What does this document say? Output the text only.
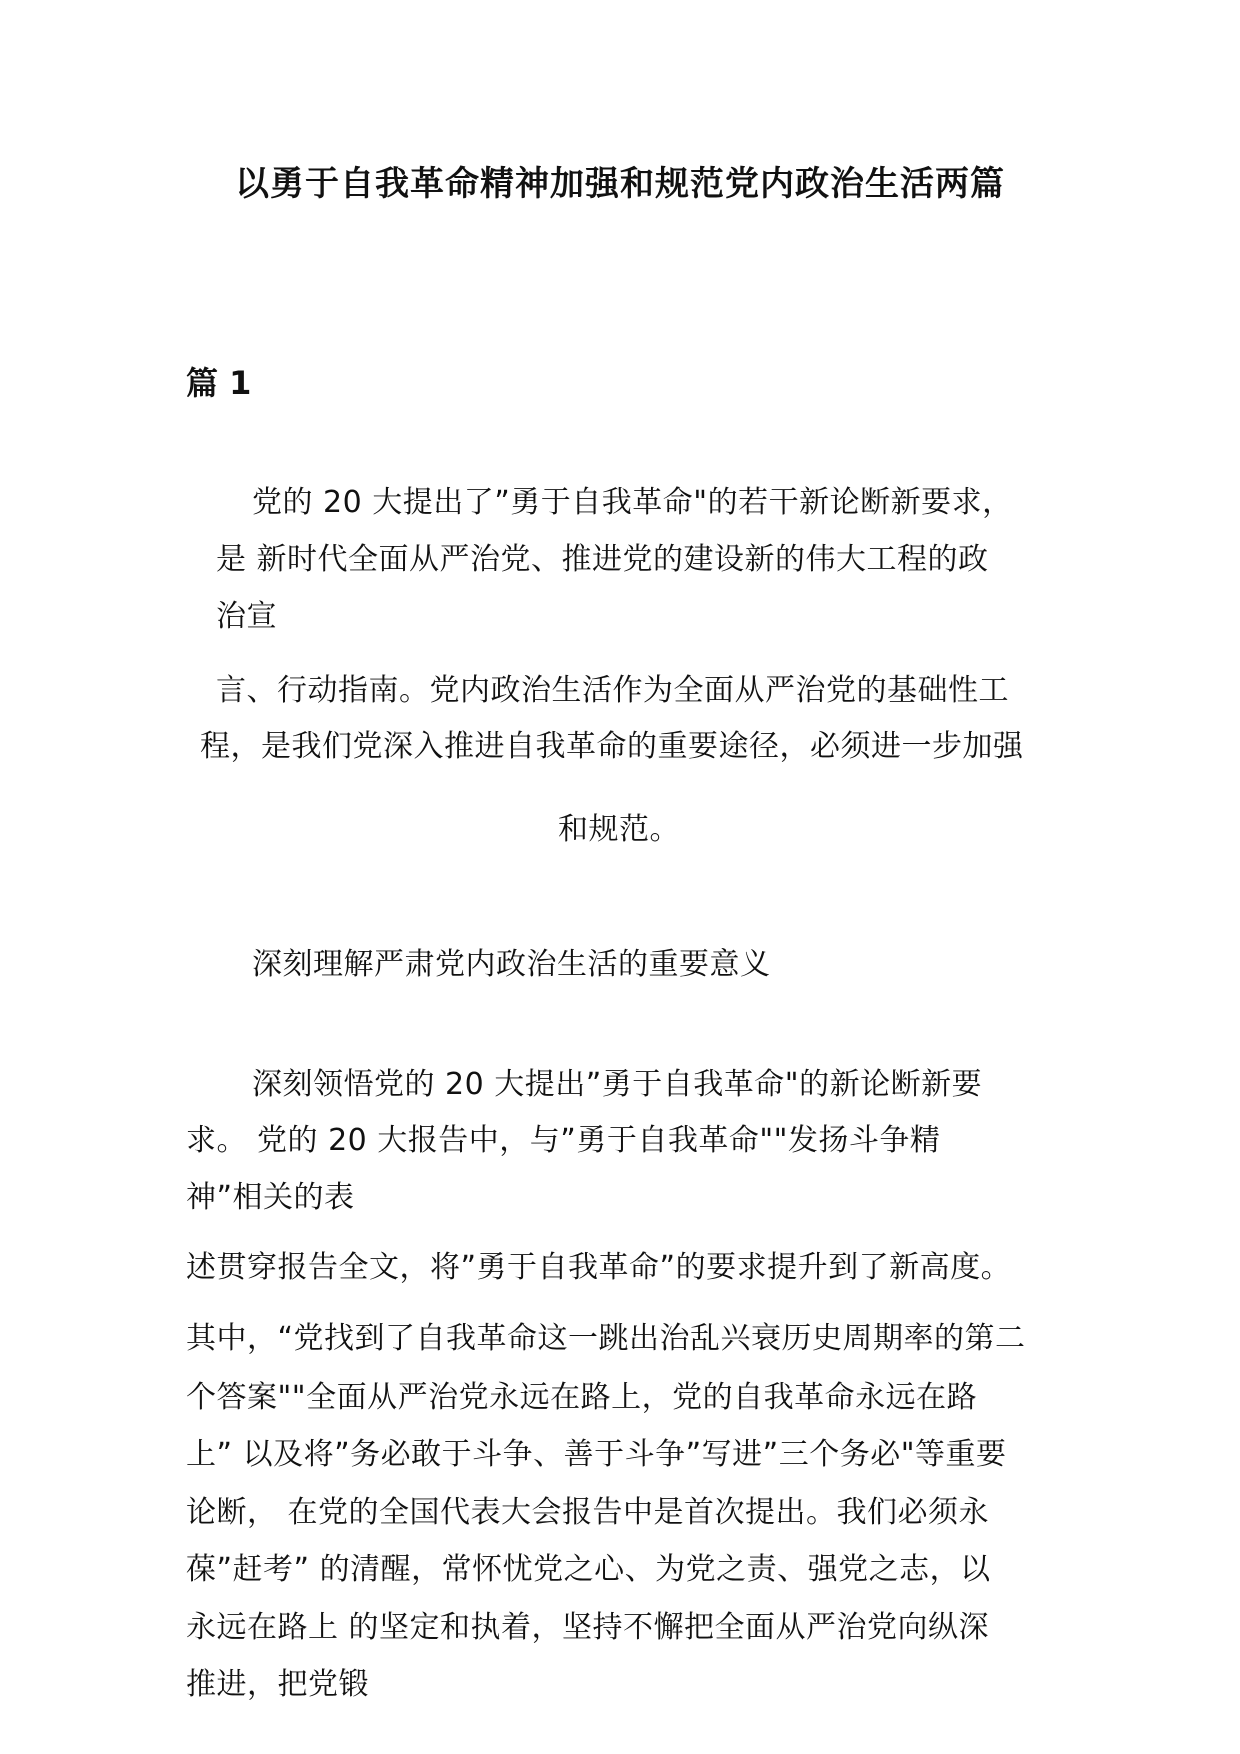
以勇于自我革命精神加强和规范党内政治生活两篇
篇 1
党的 20 大提出了”勇于自我革命"的若干新论断新要求，
是 新时代全面从严治党、推进党的建设新的伟大工程的政
治宣
言、行动指南。党内政治生活作为全面从严治党的基础性工
程，是我们党深入推进自我革命的重要途径，必须进一步加强
和规范。
深刻理解严肃党内政治生活的重要意义
深刻领悟党的 20 大提出”勇于自我革命"的新论断新要
求。 党的 20 大报告中，与”勇于自我革命""发扬斗争精
神”相关的表
述贯穿报告全文，将”勇于自我革命”的要求提升到了新高度。
其中，“党找到了自我革命这一跳出治乱兴衰历史周期率的第二
个答案""全面从严治党永远在路上，党的自我革命永远在路
上” 以及将”务必敢于斗争、善于斗争”写进”三个务必"等重要
论断， 在党的全国代表大会报告中是首次提出。我们必须永
葆”赶考” 的清醒，常怀忧党之心、为党之责、强党之志，以
永远在路上 的坚定和执着，坚持不懈把全面从严治党向纵深
推进，把党锻
